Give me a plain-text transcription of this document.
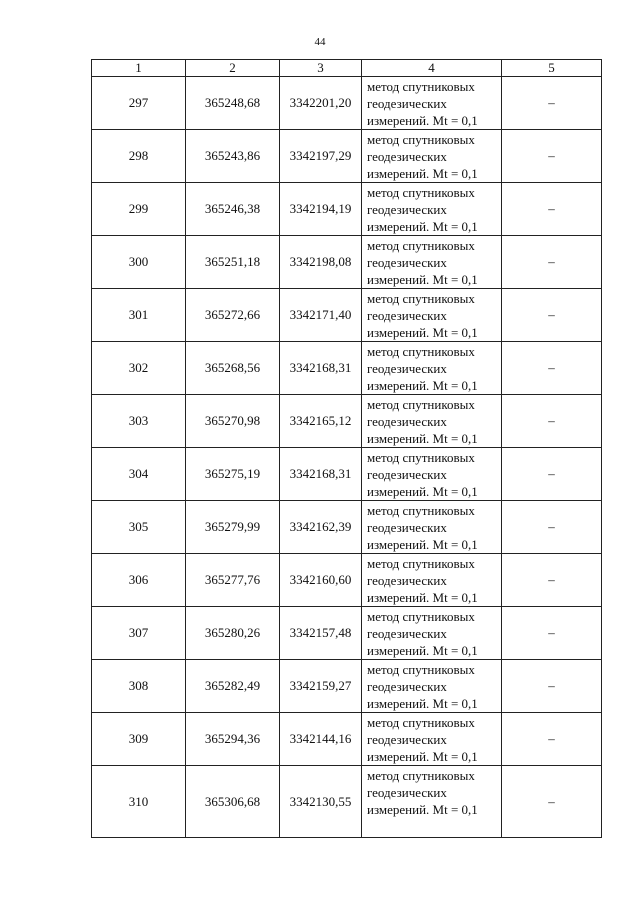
44
1	2	3	4	5
297	365248,68	3342201,20	метод спутниковых
геодезических
измерений. Mt = 0,1	–
298	365243,86	3342197,29	метод спутниковых
геодезических
измерений. Mt = 0,1	–
299	365246,38	3342194,19	метод спутниковых
геодезических
измерений. Mt = 0,1	–
300	365251,18	3342198,08	метод спутниковых
геодезических
измерений. Mt = 0,1	–
301	365272,66	3342171,40	метод спутниковых
геодезических
измерений. Mt = 0,1	–
302	365268,56	3342168,31	метод спутниковых
геодезических
измерений. Mt = 0,1	–
303	365270,98	3342165,12	метод спутниковых
геодезических
измерений. Mt = 0,1	–
304	365275,19	3342168,31	метод спутниковых
геодезических
измерений. Mt = 0,1	–
305	365279,99	3342162,39	метод спутниковых
геодезических
измерений. Mt = 0,1	–
306	365277,76	3342160,60	метод спутниковых
геодезических
измерений. Mt = 0,1	–
307	365280,26	3342157,48	метод спутниковых
геодезических
измерений. Mt = 0,1	–
308	365282,49	3342159,27	метод спутниковых
геодезических
измерений. Mt = 0,1	–
309	365294,36	3342144,16	метод спутниковых
геодезических
измерений. Mt = 0,1	–
310	365306,68	3342130,55	метод спутниковых
геодезических
измерений. Mt = 0,1	–
